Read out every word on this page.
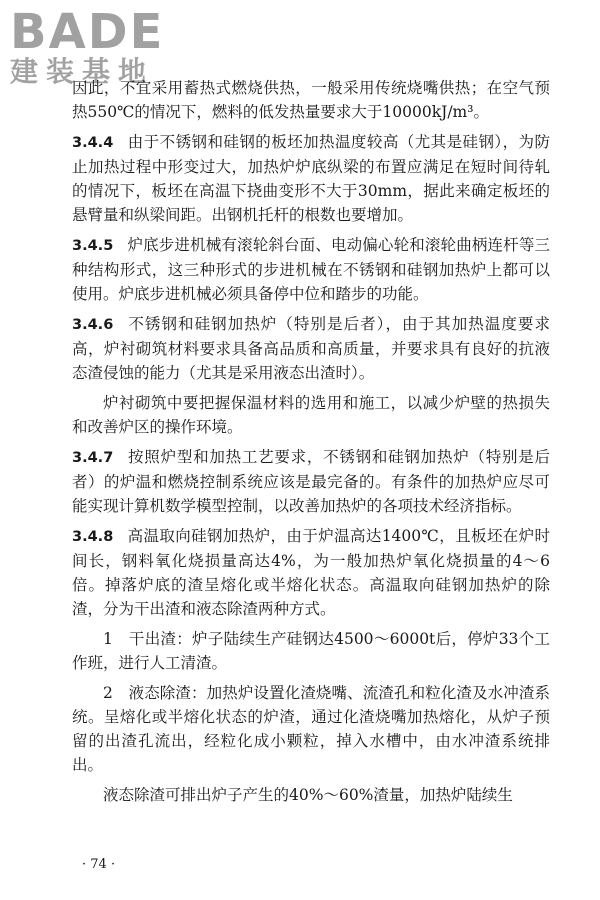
BADE
建装基地

因此，不宜采用蓄热式燃烧供热，一般采用传统烧嘴供热；在空气预热550℃的情况下，燃料的低发热量要求大于10000kJ/m³。

3.4.4 由于不锈钢和硅钢的板坯加热温度较高（尤其是硅钢），为防止加热过程中形变过大，加热炉炉底纵梁的布置应满足在短时间待轧的情况下，板坯在高温下挠曲变形不大于30mm，据此来确定板坯的悬臂量和纵梁间距。出钢机托杆的根数也要增加。

3.4.5 炉底步进机械有滚轮斜台面、电动偏心轮和滚轮曲柄连杆等三种结构形式，这三种形式的步进机械在不锈钢和硅钢加热炉上都可以使用。炉底步进机械必须具备停中位和踏步的功能。

3.4.6 不锈钢和硅钢加热炉（特别是后者），由于其加热温度要求高，炉衬砌筑材料要求具备高品质和高质量，并要求具有良好的抗液态渣侵蚀的能力（尤其是采用液态出渣时）。

炉衬砌筑中要把握保温材料的选用和施工，以减少炉壁的热损失和改善炉区的操作环境。

3.4.7 按照炉型和加热工艺要求，不锈钢和硅钢加热炉（特别是后者）的炉温和燃烧控制系统应该是最完备的。有条件的加热炉应尽可能实现计算机数学模型控制，以改善加热炉的各项技术经济指标。

3.4.8 高温取向硅钢加热炉，由于炉温高达1400℃，且板坯在炉时间长，钢料氧化烧损量高达4%，为一般加热炉氧化烧损量的4～6倍。掉落炉底的渣呈熔化或半熔化状态。高温取向硅钢加热炉的除渣，分为干出渣和液态除渣两种方式。

1　干出渣：炉子陆续生产硅钢达4500～6000t后，停炉33个工作班，进行人工清渣。

2　液态除渣：加热炉设置化渣烧嘴、流渣孔和粒化渣及水冲渣系统。呈熔化或半熔化状态的炉渣，通过化渣烧嘴加热熔化，从炉子预留的出渣孔流出，经粒化成小颗粒，掉入水槽中，由水冲渣系统排出。

液态除渣可排出炉子产生的40%～60%渣量，加热炉陆续生

· 74 ·
